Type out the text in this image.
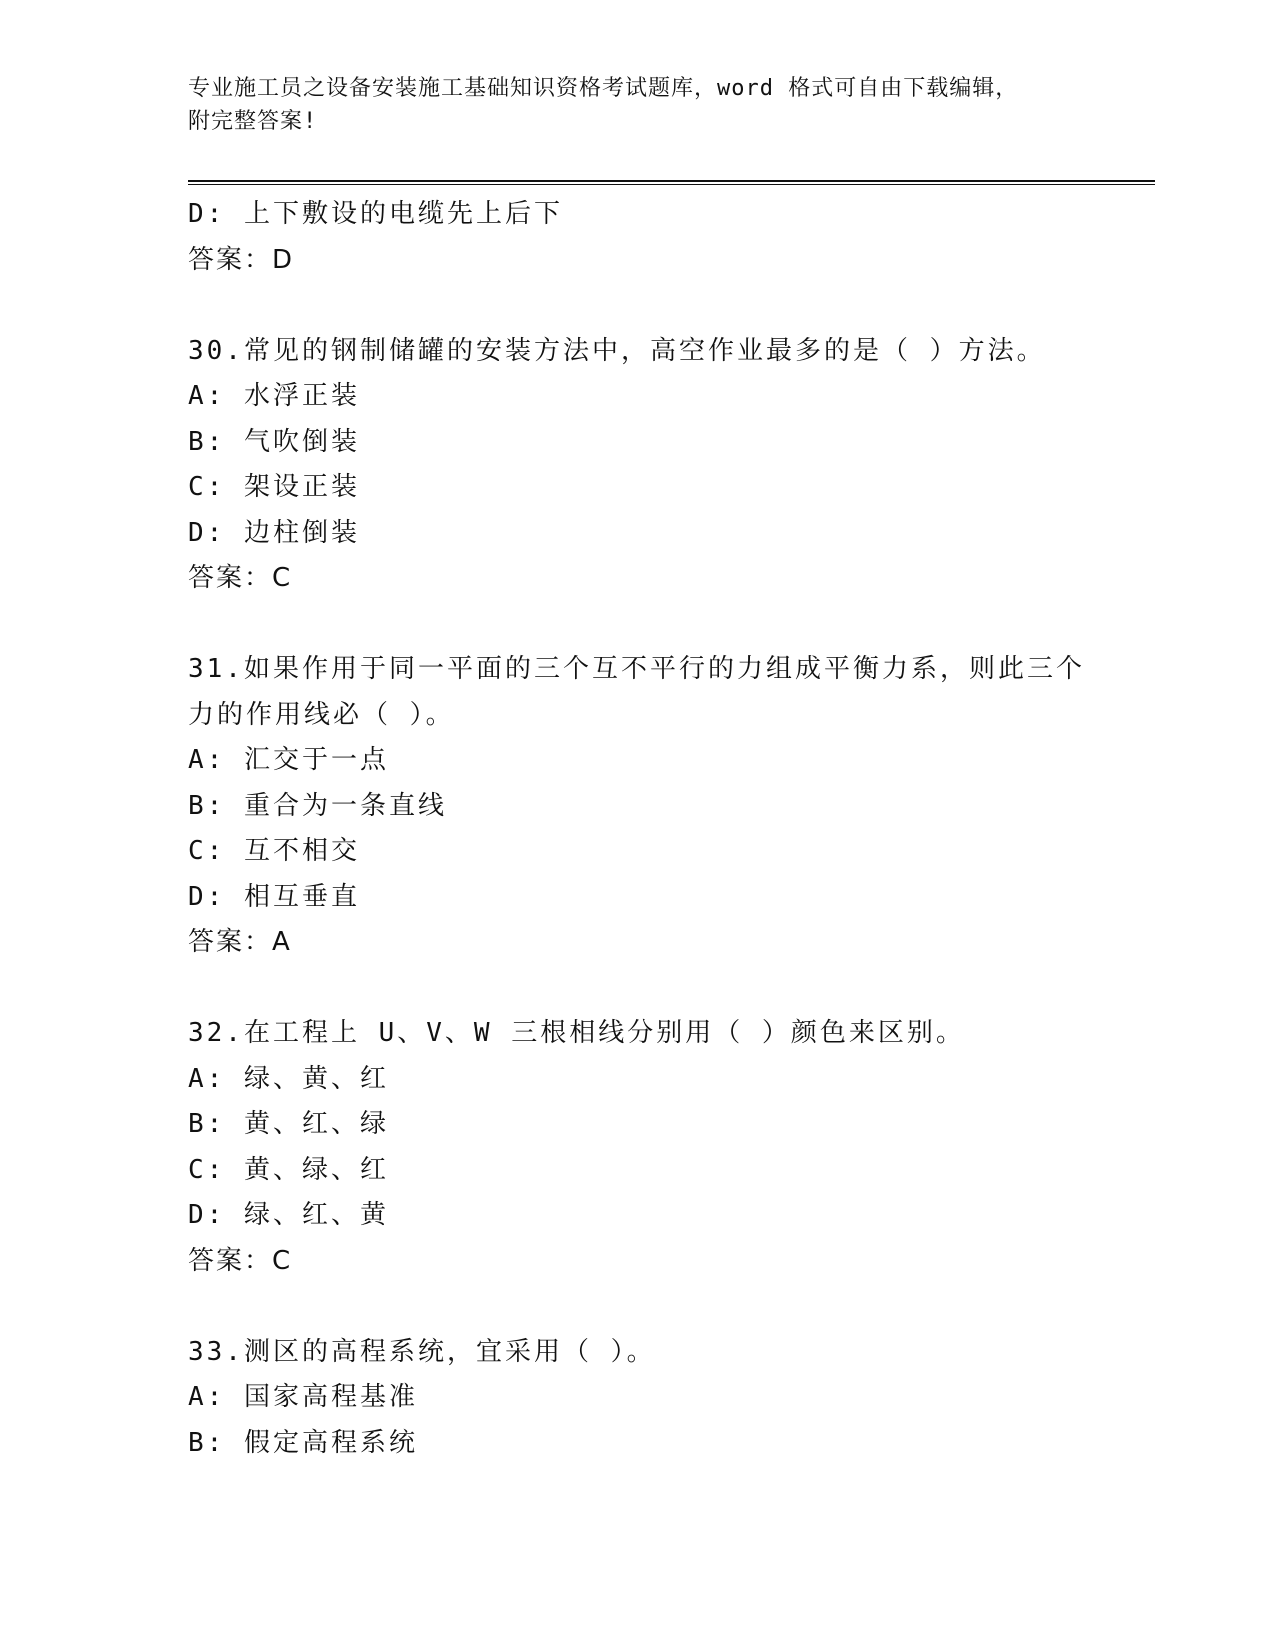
专业施工员之设备安装施工基础知识资格考试题库，word 格式可自由下载编辑，
附完整答案!
D: 上下敷设的电缆先上后下
答案：D
30.常见的钢制储罐的安装方法中，高空作业最多的是（ ）方法。
A: 水浮正装
B: 气吹倒装
C: 架设正装
D: 边柱倒装
答案：C
31.如果作用于同一平面的三个互不平行的力组成平衡力系，则此三个
力的作用线必（ ）。
A: 汇交于一点
B: 重合为一条直线
C: 互不相交
D: 相互垂直
答案：A
32.在工程上 U、V、W 三根相线分别用（ ）颜色来区别。
A: 绿、黄、红
B: 黄、红、绿
C: 黄、绿、红
D: 绿、红、黄
答案：C
33.测区的高程系统，宜采用（ ）。
A: 国家高程基准
B: 假定高程系统
